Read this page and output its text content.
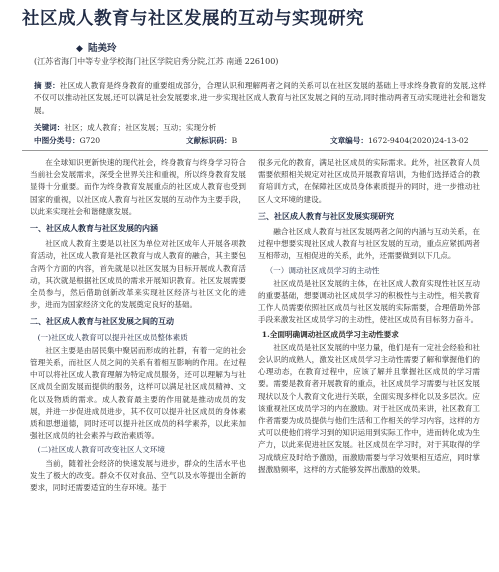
社区成人教育与社区发展的互动与实现研究
◆ 陆美玲
(江苏省海门中等专业学校海门社区学院启秀分院,江苏 南通 226100)
摘 要：社区成人教育是终身教育的重要组成部分，合理认识和理解两者之间的关系可以在社区发展的基础上寻求终身教育的发展,这样不仅可以推动社区发展,还可以满足社会发展要求,进一步实现社区成人教育与社区发展之间的互动,同时推动两者互动实现进社会和谐发展。
关键词：社区；成人教育；社区发展；互动；实现分析
中图分类号：G720	文献标识码：B	文章编号：1672-9404(2020)24-13-02

在全球知识更新快速的现代社会，终身教育与终身学习符合当前社会发展需求，深受全世界关注和重视，所以终身教育发展显得十分重要。而作为终身教育发展重点的社区成人教育也受到国家的重视，以社区成人教育与社区发展的互动作为主要手段，以此来实现社会和谐健康发展。

一、社区成人教育与社区发展的内涵

社区成人教育主要是以社区为单位对社区成年人开展各项教育活动，社区成人教育是社区教育与成人教育的融合，其主要包含两个方面的内容，首先就是以社区发展为目标开展成人教育活动，其次就是根据社区成员的需求开展知识教育。社区发展需要全员参与，然后借助创新改革来实现社区经济与社区文化的进步，进而为国家经济文化的发展奠定良好的基础。

二、社区成人教育与社区发展之间的互动
(一)社区成人教育可以提升社区成员整体素质

社区主要是由居民集中聚居而形成的社群，有着一定的社会管理关系，而社区人员之间的关系有着相互影响的作用。在过程中可以将社区成人教育理解为特定成员服务，还可以理解为与社区成员全面发展而提供的服务，这样可以满足社区成员精神、文化以及物质的需求。成人教育最主要的作用就是推动成员的发展，并进一步促进成员进步，其不仅可以提升社区成员的身体素质和思想道德，同时还可以提升社区成员的科学素养，以此来加强社区成员的社会素养与政治素质等。

(二)社区成人教育可改变社区人文环境

当前，随着社会经济的快速发展与进步，群众的生活水平也发生了极大的改变。群众不仅对食品、空气以及水等提出全新的要求，同时还需要适宜的生存环境。基于

很多元化的教育，满足社区成员的实际需求。此外，社区教育人员需要依照相关规定对社区成员开展教育培训，为他们选择适合的教育培训方式，在保障社区成员身体素质提升的同时，进一步推动社区人文环境的建设。

三、社区成人教育与社区发展实现研究

融合社区成人教育与社区发展两者之间的内涵与互动关系，在过程中想要实现社区成人教育与社区发展的互动，重点应紧抓两者互相带动，互相促进的关系，此外，还需要做到以下几点。

（一）调动社区成员学习的主动性

社区成员是社区发展的主体，在社区成人教育实现性社区互动的重要基础，想要调动社区成员学习的积极性与主动性，相关教育工作人员需要依照社区成员与社区发展的实际需要，合理借助外部手段来激发社区成员学习的主动性，使社区成员有目标努力奋斗。

1.全面明确调动社区成员学习主动性要求

社区成员是社区发展的中坚力量，他们是有一定社会经验和社会认识的成熟人，激发社区成员学习主动性需要了解和掌握他们的心理动态，在教育过程中，应该了解并且掌握社区成员的学习需要。需要是教育者开展教育的重点，社区成员学习需要与社区发展现状以及个人教育文化进行关联，全面实现多样化以及多层次。应该重视社区成员学习的内在激励。对于社区成员来讲，社区教育工作者需要为成员提供与他们生活和工作相关的学习内容，这样的方式可以使他们将学习到的知识运用到实际工作中，进而转化成为生产力，以此来促进社区发展。社区成员在学习时，对于其取得的学习成绩应及时给予激励，而激励需要与学习效果相互适应，同时掌握激励频率，这样的方式能够发挥出激励的效果。
